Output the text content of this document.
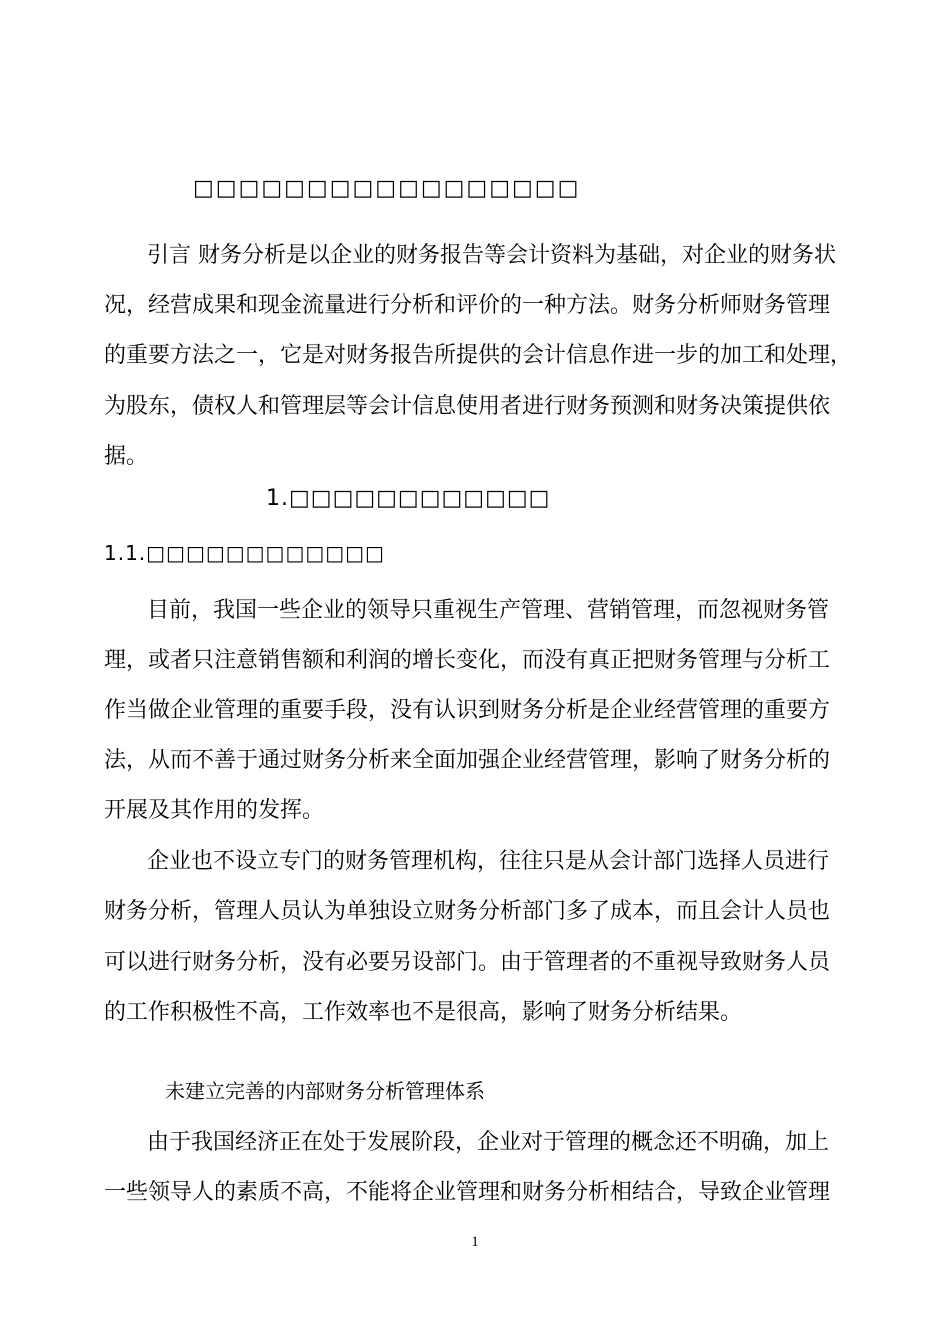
□□□□□□□□□□□□□□□□□
引言 财务分析是以企业的财务报告等会计资料为基础，对企业的财务状
况，经营成果和现金流量进行分析和评价的一种方法。财务分析师财务管理
的重要方法之一，它是对财务报告所提供的会计信息作进一步的加工和处理，
为股东，债权人和管理层等会计信息使用者进行财务预测和财务决策提供依
据。
1.□□□□□□□□□□□□
1.1.□□□□□□□□□□□□
目前，我国一些企业的领导只重视生产管理、营销管理，而忽视财务管
理，或者只注意销售额和利润的增长变化，而没有真正把财务管理与分析工
作当做企业管理的重要手段，没有认识到财务分析是企业经营管理的重要方
法，从而不善于通过财务分析来全面加强企业经营管理，影响了财务分析的
开展及其作用的发挥。
企业也不设立专门的财务管理机构，往往只是从会计部门选择人员进行
财务分析，管理人员认为单独设立财务分析部门多了成本，而且会计人员也
可以进行财务分析，没有必要另设部门。由于管理者的不重视导致财务人员
的工作积极性不高，工作效率也不是很高，影响了财务分析结果。
未建立完善的内部财务分析管理体系
由于我国经济正在处于发展阶段，企业对于管理的概念还不明确，加上
一些领导人的素质不高，不能将企业管理和财务分析相结合，导致企业管理
1
